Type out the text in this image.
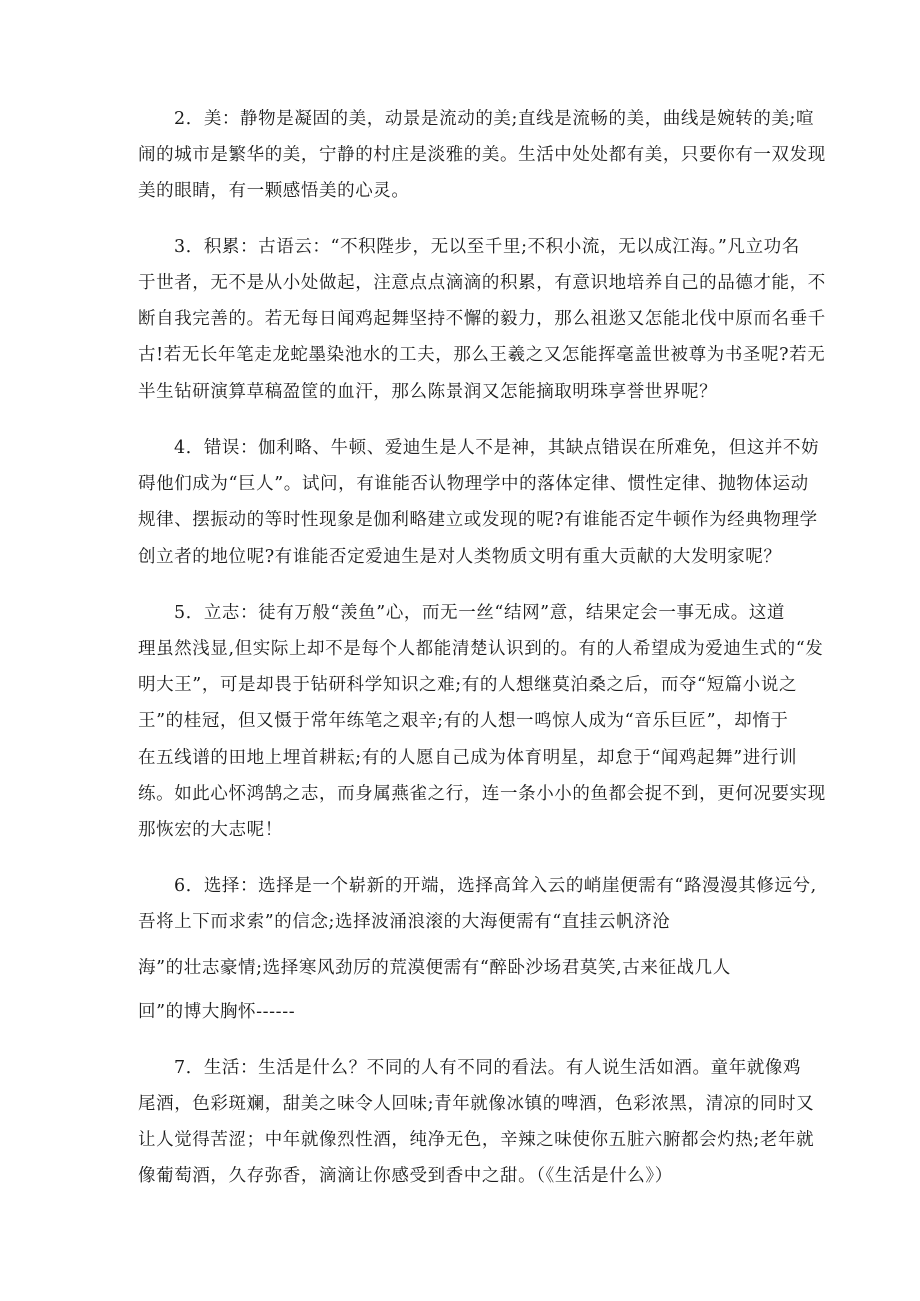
2．美：静物是凝固的美，动景是流动的美;直线是流畅的美，曲线是婉转的美;喧
闹的城市是繁华的美，宁静的村庄是淡雅的美。生活中处处都有美，只要你有一双发现
美的眼睛，有一颗感悟美的心灵。
3．积累：古语云：“不积陛步，无以至千里;不积小流，无以成江海。”凡立功名
于世者，无不是从小处做起，注意点点滴滴的积累，有意识地培养自己的品德才能，不
断自我完善的。若无每日闻鸡起舞坚持不懈的毅力，那么祖逖又怎能北伐中原而名垂千
古!若无长年笔走龙蛇墨染池水的工夫，那么王羲之又怎能挥毫盖世被尊为书圣呢?若无
半生钻研演算草稿盈筐的血汗，那么陈景润又怎能摘取明珠享誉世界呢？
4．错误：伽利略、牛顿、爱迪生是人不是神，其缺点错误在所难免，但这并不妨
碍他们成为“巨人”。试问，有谁能否认物理学中的落体定律、惯性定律、抛物体运动
规律、摆振动的等时性现象是伽利略建立或发现的呢?有谁能否定牛顿作为经典物理学
创立者的地位呢?有谁能否定爱迪生是对人类物质文明有重大贡献的大发明家呢？
5．立志：徒有万般“羡鱼”心，而无一丝“结网”意，结果定会一事无成。这道
理虽然浅显,但实际上却不是每个人都能清楚认识到的。有的人希望成为爱迪生式的“发
明大王”，可是却畏于钻研科学知识之难;有的人想继莫泊桑之后，而夺“短篇小说之
王”的桂冠，但又慑于常年练笔之艰辛;有的人想一鸣惊人成为“音乐巨匠”，却惰于
在五线谱的田地上埋首耕耘;有的人愿自己成为体育明星，却怠于“闻鸡起舞”进行训
练。如此心怀鸿鹄之志，而身属燕雀之行，连一条小小的鱼都会捉不到，更何况要实现
那恢宏的大志呢！
6．选择：选择是一个崭新的开端，选择高耸入云的峭崖便需有“路漫漫其修远兮,
吾将上下而求索”的信念;选择波涌浪滚的大海便需有“直挂云帆济沧
海”的壮志豪情;选择寒风劲厉的荒漠便需有“醉卧沙场君莫笑,古来征战几人
回”的博大胸怀------
7．生活：生活是什么？不同的人有不同的看法。有人说生活如酒。童年就像鸡
尾酒，色彩斑斓，甜美之味令人回味;青年就像冰镇的啤酒，色彩浓黑，清凉的同时又
让人觉得苦涩；中年就像烈性酒，纯净无色，辛辣之味使你五脏六腑都会灼热;老年就
像葡萄酒，久存弥香，滴滴让你感受到香中之甜。（《生活是什么》）
